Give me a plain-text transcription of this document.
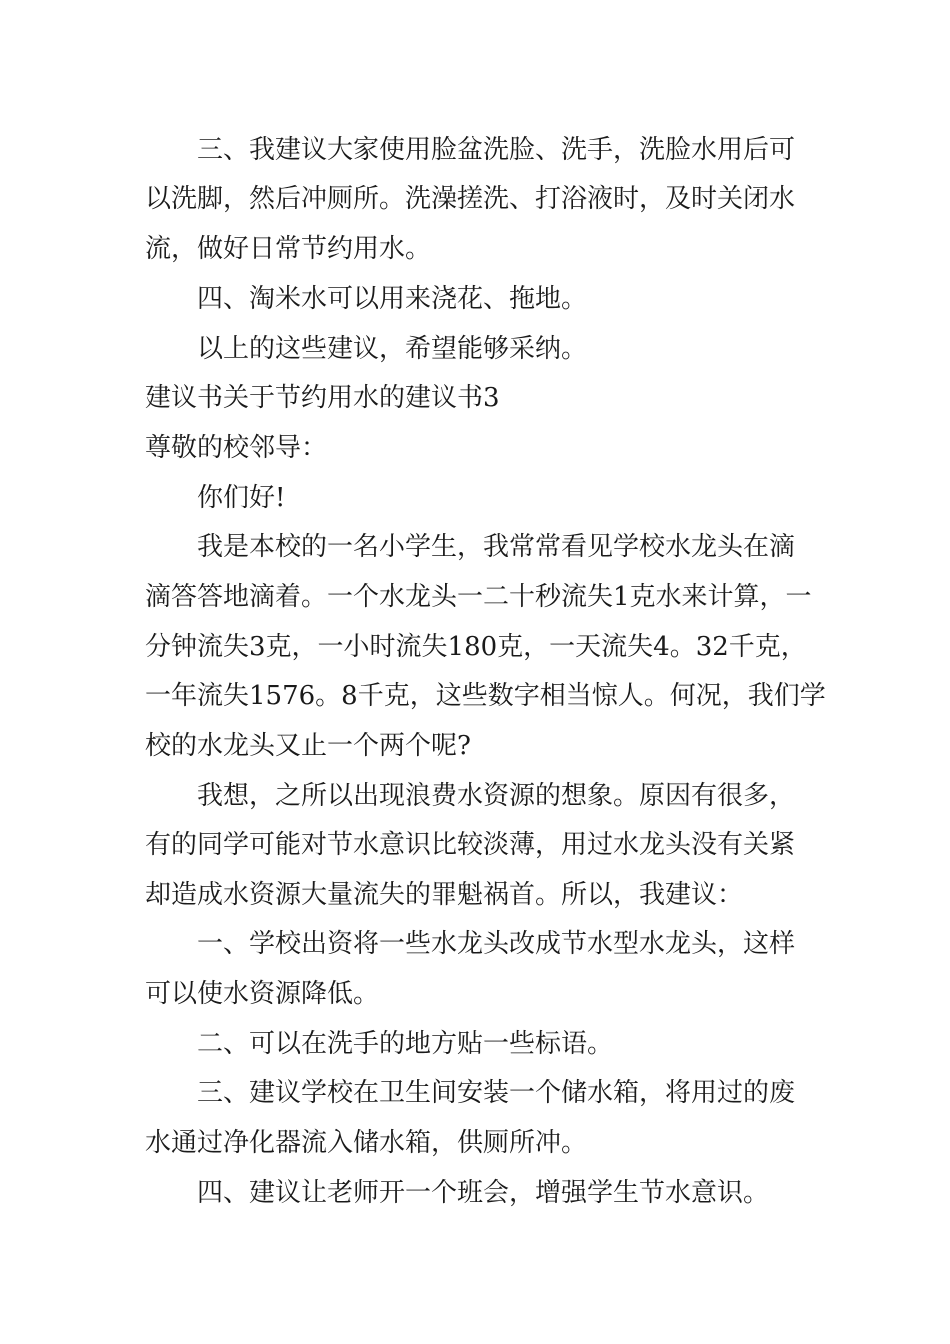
三、我建议大家使用脸盆洗脸、洗手，洗脸水用后可
以洗脚，然后冲厕所。洗澡搓洗、打浴液时，及时关闭水
流，做好日常节约用水。
四、淘米水可以用来浇花、拖地。
以上的这些建议，希望能够采纳。
建议书关于节约用水的建议书3
尊敬的校邻导：
你们好!
我是本校的一名小学生，我常常看见学校水龙头在滴
滴答答地滴着。一个水龙头一二十秒流失1克水来计算，一
分钟流失3克，一小时流失180克，一天流失4。32千克，
一年流失1576。8千克，这些数字相当惊人。何况，我们学
校的水龙头又止一个两个呢?
我想，之所以出现浪费水资源的想象。原因有很多，
有的同学可能对节水意识比较淡薄，用过水龙头没有关紧
却造成水资源大量流失的罪魁祸首。所以，我建议：
一、学校出资将一些水龙头改成节水型水龙头，这样
可以使水资源降低。
二、可以在洗手的地方贴一些标语。
三、建议学校在卫生间安装一个储水箱，将用过的废
水通过净化器流入储水箱，供厕所冲。
四、建议让老师开一个班会，增强学生节水意识。
